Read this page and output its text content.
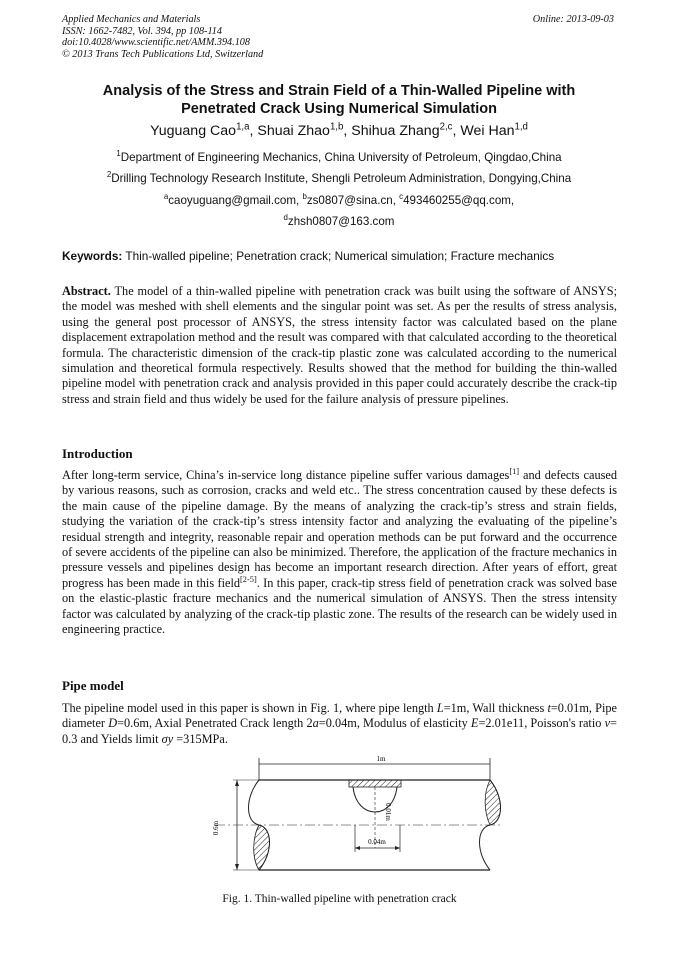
Applied Mechanics and Materials
ISSN: 1662-7482, Vol. 394, pp 108-114
doi:10.4028/www.scientific.net/AMM.394.108
© 2013 Trans Tech Publications Ltd, Switzerland
Online: 2013-09-03
Analysis of the Stress and Strain Field of a Thin-Walled Pipeline with
Penetrated Crack Using Numerical Simulation
Yuguang Cao$^{1,a}$, Shuai Zhao$^{1,b}$, Shihua Zhang$^{2,c}$, Wei Han$^{1,d}$
$^1$Department of Engineering Mechanics, China University of Petroleum, Qingdao,China
$^2$Drilling Technology Research Institute, Shengli Petroleum Administration, Dongying,China
$^a$caoyuguang@gmail.com, $^b$zs0807@sina.cn, $^c$493460255@qq.com,
$^d$zhsh0807@163.com
Keywords: Thin-walled pipeline; Penetration crack; Numerical simulation; Fracture mechanics
Abstract. The model of a thin-walled pipeline with penetration crack was built using the software of ANSYS; the model was meshed with shell elements and the singular point was set. As per the results of stress analysis, using the general post processor of ANSYS, the stress intensity factor was calculated based on the plane displacement extrapolation method and the result was compared with that calculated according to the theoretical formula. The characteristic dimension of the crack-tip plastic zone was calculated according to the numerical simulation and theoretical formula respectively. Results showed that the method for building the thin-walled pipeline model with penetration crack and analysis provided in this paper could accurately describe the crack-tip stress and strain field and thus widely be used for the failure analysis of pressure pipelines.
Introduction
After long-term service, China’s in-service long distance pipeline suffer various damages[1] and defects caused by various reasons, such as corrosion, cracks and weld etc.. The stress concentration caused by these defects is the main cause of the pipeline damage. By the means of analyzing the crack-tip’s stress and strain fields, studying the variation of the crack-tip’s stress intensity factor and analyzing the evaluating of the pipeline’s residual strength and integrity, reasonable repair and operation methods can be put forward and the occurrence of severe accidents of the pipeline can also be minimized. Therefore, the application of the fracture mechanics in pressure vessels and pipelines design has become an important research direction. After years of effort, great progress has been made in this field[2-5]. In this paper, crack-tip stress field of penetration crack was solved base on the elastic-plastic fracture mechanics and the numerical simulation of ANSYS. Then the stress intensity factor was calculated by analyzing of the crack-tip plastic zone. The results of the research can be widely used in engineering practice.
Pipe model
The pipeline model used in this paper is shown in Fig. 1, where pipe length L=1m, Wall thickness t=0.01m, Pipe diameter D=0.6m, Axial Penetrated Crack length 2a=0.04m, Modulus of elasticity E=2.01e11, Poisson's ratio v= 0.3 and Yields limit σy =315MPa.
1m
0.6m
0.01m
0.04m
Fig. 1. Thin-walled pipeline with penetration crack
